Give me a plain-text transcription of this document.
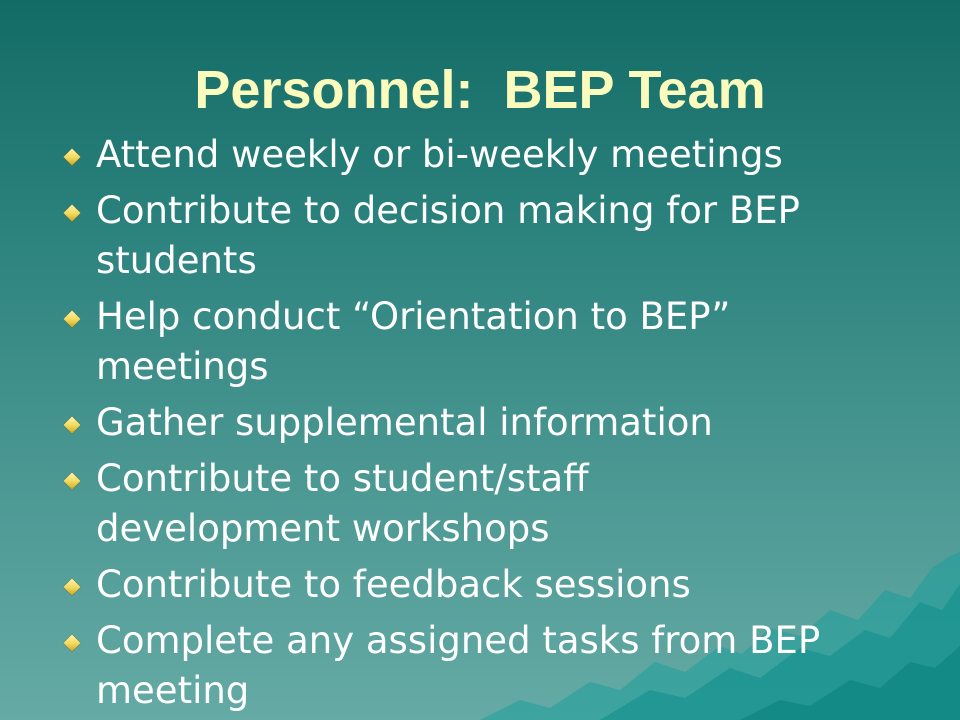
Personnel:  BEP Team
Attend weekly or bi-weekly meetings
Contribute to decision making for BEP
students
Help conduct “Orientation to BEP”
meetings
Gather supplemental information
Contribute to student/staff
development workshops
Contribute to feedback sessions
Complete any assigned tasks from BEP
meeting
